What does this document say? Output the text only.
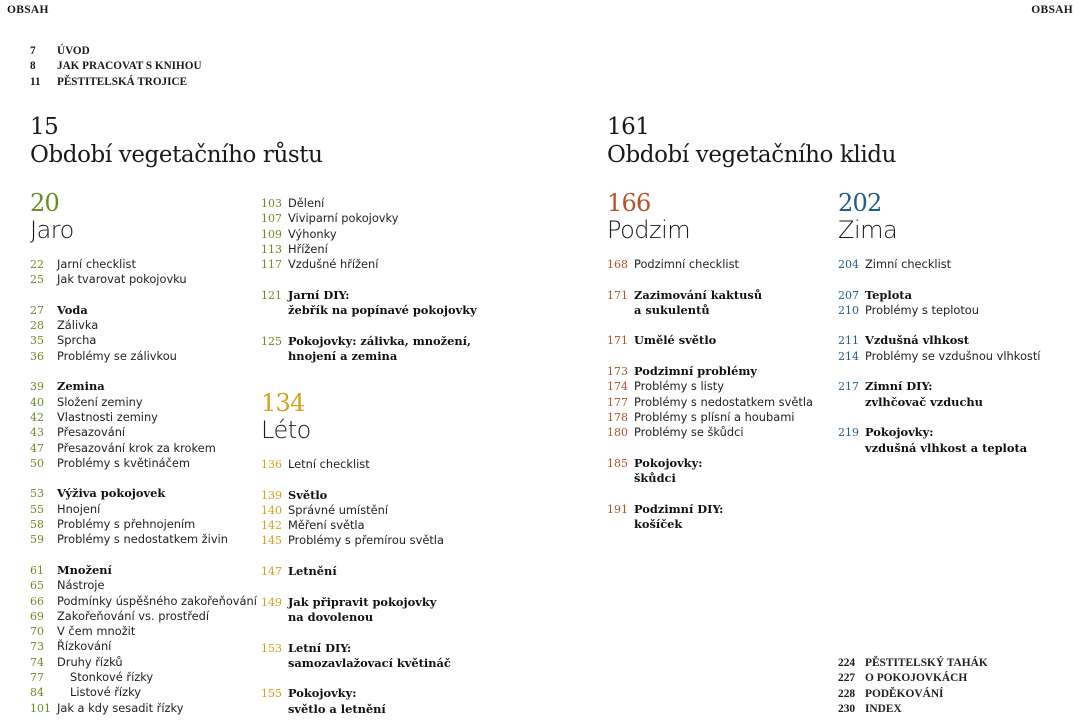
OBSAH	OBSAH
7 ÚVOD
8 JAK PRACOVAT S KNIHOU
11 PĚSTITELSKÁ TROJICE
15
Období vegetačního růstu
161
Období vegetačního klidu
20
Jaro
134
Léto
166
Podzim
202
Zima
22 Jarní checklist
25 Jak tvarovat pokojovku
27 Voda
28 Zálivka
35 Sprcha
36 Problémy se zálivkou
39 Zemina
40 Složení zeminy
42 Vlastnosti zeminy
43 Přesazování
47 Přesazování krok za krokem
50 Problémy s květináčem
53 Výživa pokojovek
55 Hnojení
58 Problémy s přehnojením
59 Problémy s nedostatkem živin
61 Množení
65 Nástroje
66 Podmínky úspěšného zakořeňování
69 Zakořeňování vs. prostředí
70 V čem množit
73 Řízkování
74 Druhy řízků
77 Stonkové řízky
84 Listové řízky
101 Jak a kdy sesadit řízky
103 Dělení
107 Viviparní pokojovky
109 Výhonky
113 Hřížení
117 Vzdušné hřížení
121 Jarní DIY:
žebřík na popínavé pokojovky
125 Pokojovky: zálivka, množení,
hnojení a zemina
136 Letní checklist
139 Světlo
140 Správné umístění
142 Měření světla
145 Problémy s přemírou světla
147 Letnění
149 Jak připravit pokojovky
na dovolenou
153 Letní DIY:
samozavlažovací květináč
155 Pokojovky:
světlo a letnění
168 Podzimní checklist
171 Zazimování kaktusů
a sukulentů
171 Umělé světlo
173 Podzimní problémy
174 Problémy s listy
177 Problémy s nedostatkem světla
178 Problémy s plísní a houbami
180 Problémy se škůdci
185 Pokojovky:
škůdci
191 Podzimní DIY:
košíček
204 Zimní checklist
207 Teplota
210 Problémy s teplotou
211 Vzdušná vlhkost
214 Problémy se vzdušnou vlhkostí
217 Zimní DIY:
zvlhčovač vzduchu
219 Pokojovky:
vzdušná vlhkost a teplota
224 PĚSTITELSKÝ TAHÁK
227 O POKOJOVKÁCH
228 PODĚKOVÁNÍ
230 INDEX
